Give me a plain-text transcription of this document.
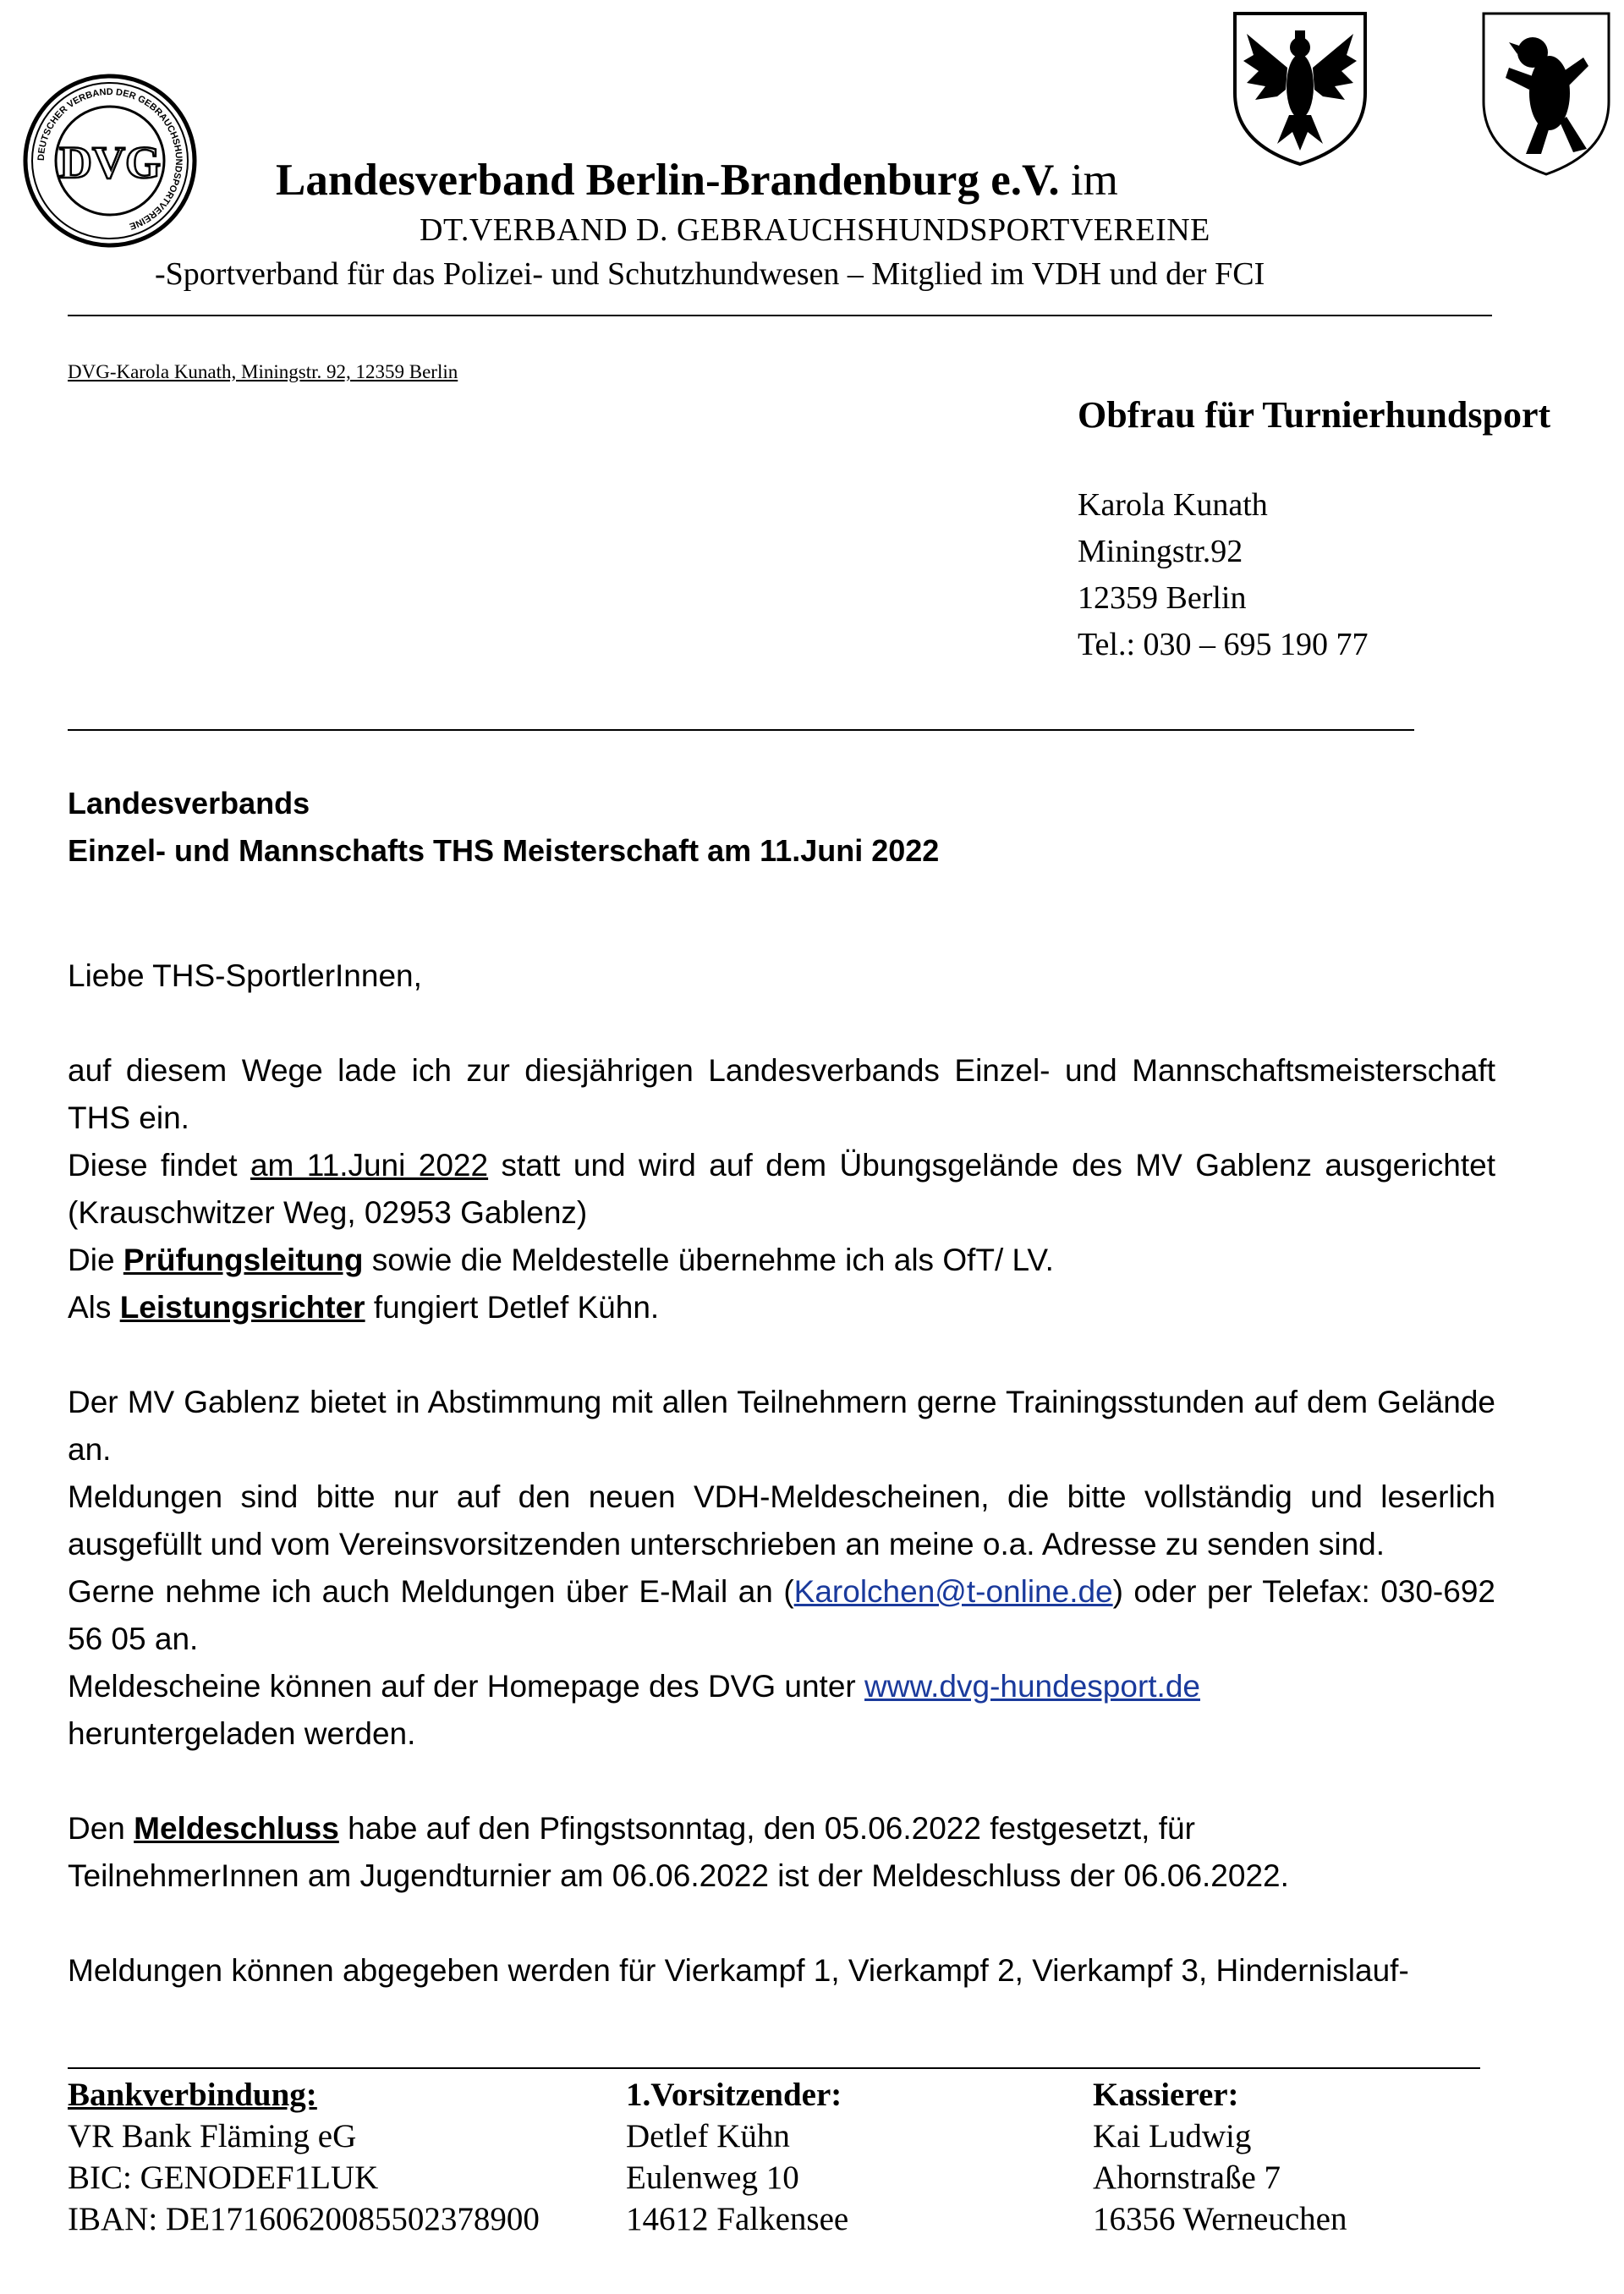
DEUTSCHER VERBAND DER GEBRAUCHSHUNDSPORTVEREINE
DVG	Landesverband Berlin-Brandenburg e.V. im
DT.VERBAND D. GEBRAUCHSHUNDSPORTVEREINE
-Sportverband für das Polizei- und Schutzhundwesen – Mitglied im VDH und der FCI
DVG-Karola Kunath, Miningstr. 92, 12359 Berlin
Obfrau für Turnierhundsport
Karola Kunath
Miningstr.92
12359 Berlin
Tel.: 030 – 695 190 77
Landesverbands
Einzel- und Mannschafts THS Meisterschaft am 11.Juni 2022

Liebe THS-SportlerInnen,

auf diesem Wege lade ich zur diesjährigen Landesverbands Einzel- und Mannschaftsmeisterschaft THS ein.

Diese findet am 11.Juni 2022 statt und wird auf dem Übungsgelände des MV Gablenz ausgerichtet (Krauschwitzer Weg, 02953 Gablenz)

Die Prüfungsleitung sowie die Meldestelle übernehme ich als OfT/ LV.

Als Leistungsrichter fungiert Detlef Kühn.

Der MV Gablenz bietet in Abstimmung mit allen Teilnehmern gerne Trainingsstunden auf dem Gelände an.

Meldungen sind bitte nur auf den neuen VDH-Meldescheinen, die bitte vollständig und leserlich ausgefüllt und vom Vereinsvorsitzenden unterschrieben an meine o.a. Adresse zu senden sind.

Gerne nehme ich auch Meldungen über E-Mail an (Karolchen@t-online.de) oder per Telefax: 030-692 56 05 an.

Meldescheine können auf der Homepage des DVG unter www.dvg-hundesport.de
heruntergeladen werden.

Den Meldeschluss habe auf den Pfingstsonntag, den 05.06.2022 festgesetzt, für
TeilnehmerInnen am Jugendturnier am 06.06.2022 ist der Meldeschluss der 06.06.2022.

Meldungen können abgegeben werden für Vierkampf 1, Vierkampf 2, Vierkampf 3, Hindernislauf-

Bankverbindung:
VR Bank Fläming eG
BIC: GENODEF1LUK
IBAN: DE17160620085502378900
1.Vorsitzender:
Detlef Kühn
Eulenweg 10
14612 Falkensee
Kassierer:
Kai Ludwig
Ahornstraße 7
16356 Werneuchen
